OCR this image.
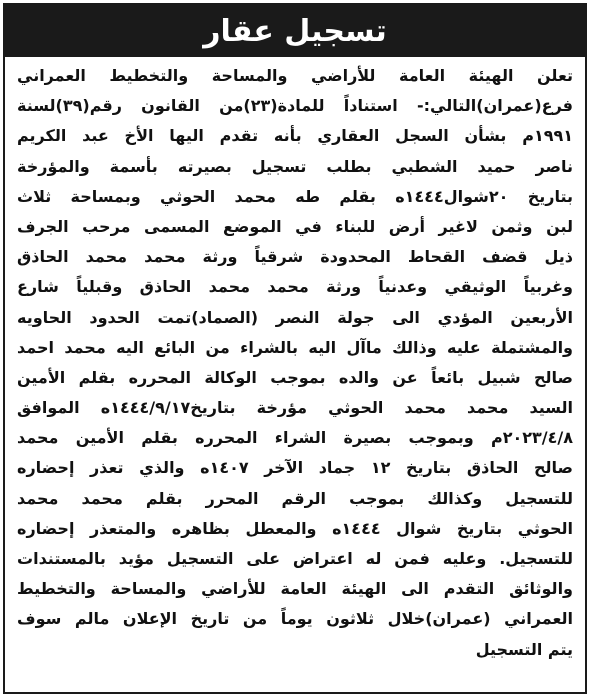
تسجيل عقار
تعلن الهيئة العامة للأراضي والمساحة والتخطيط العمراني
فرع(عمران)التالي:- استناداً للمادة(٢٣)من القانون رقم(٣٩)لسنة
١٩٩١م بشأن السجل العقاري بأنه تقدم اليها الأخ عبد الكريم
ناصر حميد الشطبي بطلب تسجيل بصيرته بأسمة والمؤرخة
بتاريخ ٢٠شوال١٤٤٤ه بقلم طه محمد الحوثي وبمساحة ثلاث
لبن وثمن لاغير أرض للبناء في الموضع المسمى مرحب الجرف
ذيل قضف القحاط المحدودة شرقياً ورثة محمد محمد الحاذق
وغربياً الوثيقي وعدنياً ورثة محمد محمد الحاذق وقبلياً شارع
الأربعين المؤدي الى جولة النصر (الصماد)تمت الحدود الحاويه
والمشتملة عليه وذالك ماآل اليه بالشراء من البائع اليه محمد احمد
صالح شبيل بائعاً عن والده بموجب الوكالة المحرره بقلم الأمين
السيد محمد محمد الحوثي مؤرخة بتاريخ١٤٤٤/٩/١٧ه الموافق
٢٠٢٣/٤/٨م وبموجب بصيرة الشراء المحرره بقلم الأمين محمد
صالح الحاذق بتاريخ ١٢ جماد الآخر ١٤٠٧ه والذي تعذر إحضاره
للتسجيل وكذالك بموجب الرقم المحرر بقلم محمد محمد
الحوثي بتاريخ شوال ١٤٤٤ه والمعطل بظاهره والمتعذر إحضاره
للتسجيل. وعليه فمن له اعتراض على التسجيل مؤيد بالمستندات
والوثائق التقدم الى الهيئة العامة للأراضي والمساحة والتخطيط
العمراني (عمران)خلال ثلاثون يوماً من تاريخ الإعلان مالم سوف
يتم التسجيل
